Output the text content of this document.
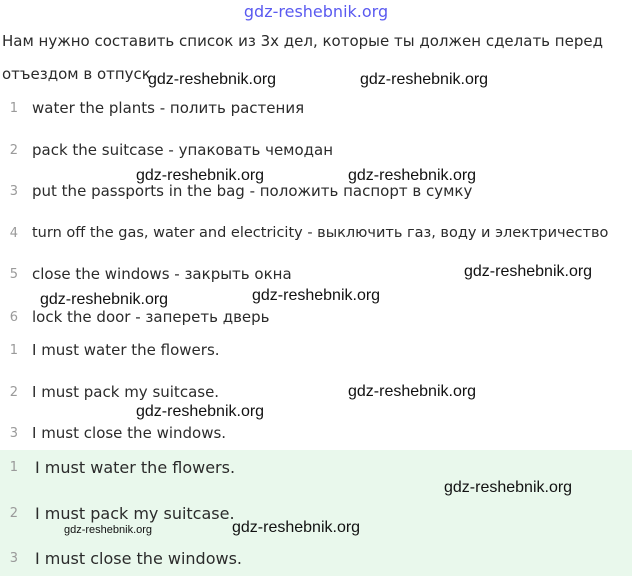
gdz-reshebnik.org
Нам нужно составить список из 3х дел, которые ты должен сделать перед
отъездом в отпуск
1 water the plants - полить растения
2 pack the suitcase - упаковать чемодан
3 put the passports in the bag - положить паспорт в сумку
4 turn off the gas, water and electricity - выключить газ, воду и электричество
5 close the windows - закрыть окна
6 lock the door - запереть дверь
1 I must water the flowers.
2 I must pack my suitcase.
3 I must close the windows.
1 I must water the flowers.
2 I must pack my suitcase.
3 I must close the windows.
gdz-reshebnik.org	gdz-reshebnik.org
gdz-reshebnik.org	gdz-reshebnik.org
gdz-reshebnik.org
gdz-reshebnik.org	gdz-reshebnik.org
gdz-reshebnik.org
gdz-reshebnik.org
gdz-reshebnik.org
gdz-reshebnik.org	gdz-reshebnik.org
